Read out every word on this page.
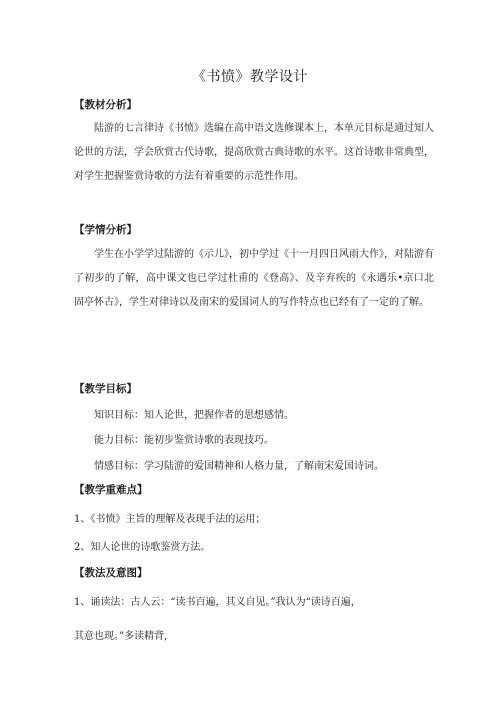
《书愤》教学设计
【教材分析】
陆游的七言律诗《书愤》选编在高中语文选修课本上，本单元目标是通过知人论世的方法，学会欣赏古代诗歌，提高欣赏古典诗歌的水平。这首诗歌非常典型，对学生把握鉴赏诗歌的方法有着重要的示范性作用。
【学情分析】
学生在小学学过陆游的《示儿》，初中学过《十一月四日风雨大作》，对陆游有了初步的了解，高中课文也已学过杜甫的《登高》、及辛弃疾的《永遇乐•京口北固亭怀古》，学生对律诗以及南宋的爱国词人的写作特点也已经有了一定的了解。
【教学目标】
知识目标：知人论世，把握作者的思想感情。
能力目标：能初步鉴赏诗歌的表现技巧。
情感目标：学习陆游的爱国精神和人格力量，了解南宋爱国诗词。
【教学重难点】
1、《书愤》主旨的理解及表现手法的运用；
2、知人论世的诗歌鉴赏方法。
【教法及意图】
1、诵读法：古人云：“读书百遍，其义自见。”我认为“读诗百遍，
其意也现。”多读精背,
